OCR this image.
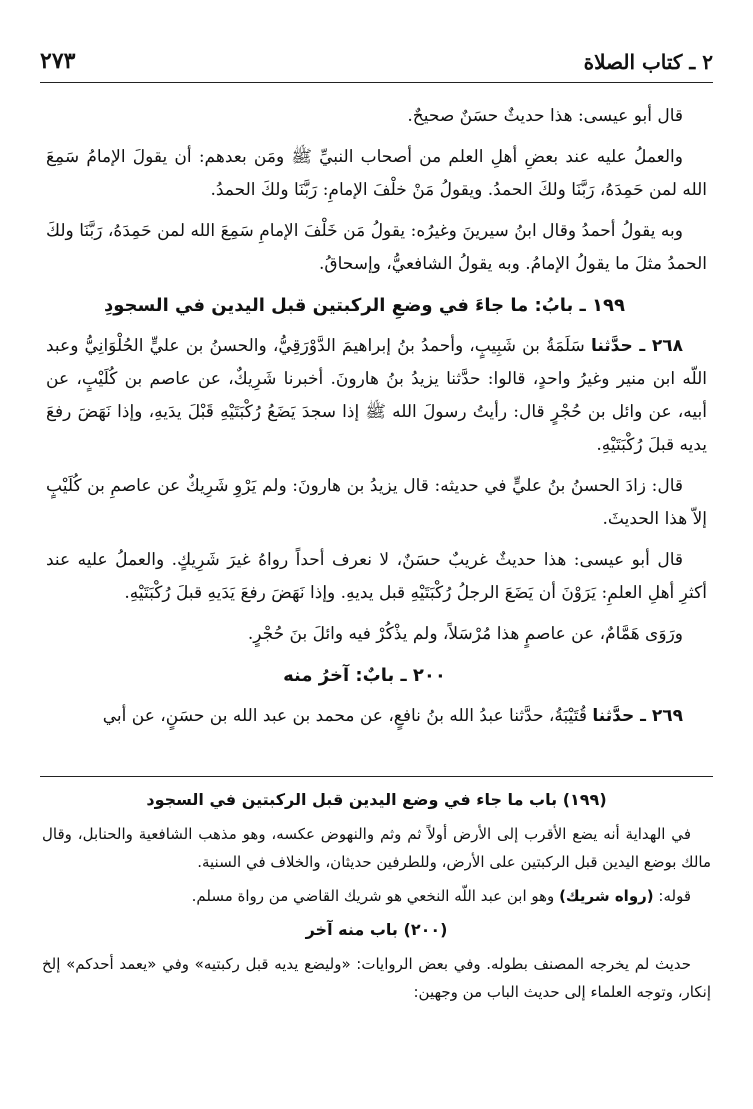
٢ ـ كتاب الصلاة
٢٧٣

قال أبو عيسى: هذا حديثٌ حسَنٌ صحيحٌ.

والعملُ عليه عند بعضِ أهلِ العلم من أصحاب النبيِّ ﷺ ومَن بعدهم: أن يقولَ الإمامُ سَمِعَ الله لمن حَمِدَهُ، رَبَّنَا ولكَ الحمدُ. ويقولُ مَنْ خلْفَ الإمامِ: رَبَّنَا ولكَ الحمدُ.

وبه يقولُ أحمدُ وقال ابنُ سيرينَ وغيرُه: يقولُ مَن خَلْفَ الإمامِ سَمِعَ الله لمن حَمِدَهُ، رَبَّنَا ولكَ الحمدُ مثلَ ما يقولُ الإمامُ. وبه يقولُ الشافعيُّ، وإسحاقُ.

١٩٩ ـ بابُ: ما جاءَ في وضعِ الركبتين قبل اليدين في السجودِ

٢٦٨ ـ حدَّثنا سَلَمَةُ بن شَبِيبٍ، وأحمدُ بنُ إبراهيمَ الدَّوْرَقِيُّ، والحسنُ بن عليٍّ الحُلْوَانِيُّ وعبد اللّه ابن منير وغيرُ واحدٍ، قالوا: حدَّثنا يزيدُ بنُ هارونَ. أخبرنا شَرِيكٌ، عن عاصم بن كُلَيْبٍ، عن أبيه، عن وائل بن حُجْرٍ قال: رأيتُ رسولَ الله ﷺ إذا سجدَ يَضَعُ رُكْبَتَيْهِ قَبْلَ يدَيهِ، وإذا نَهَضَ رفعَ يديه قبلَ رُكْبَتَيْهِ.

قال: زادَ الحسنُ بنُ عليٍّ في حديثه: قال يزيدُ بن هارونَ: ولم يَرْوِ شَرِيكٌ عن عاصمِ بن كُلَيْبٍ إلاّ هذا الحديثَ.

قال أبو عيسى: هذا حديثٌ غريبٌ حسَنٌ، لا نعرف أحداً رواهُ غيرَ شَرِيكٍ. والعملُ عليه عند أكثرِ أهلِ العلمِ: يَرَوْنَ أن يَضَعَ الرجلُ رُكْبَتَيْهِ قبل يديهِ. وإذا نَهَضَ رفعَ يَدَيهِ قبلَ رُكْبَتَيْهِ.

ورَوَى هَمَّامٌ، عن عاصمٍ هذا مُرْسَلاً، ولم يذْكُرْ فيه وائلَ بنَ حُجْرٍ.

٢٠٠ ـ بابٌ: آخرُ منه

٢٦٩ ـ حدَّثنا قُتَيْبَةُ، حدَّثنا عبدُ الله بنُ نافعٍ، عن محمد بن عبد الله بن حسَنٍ، عن أبي

(١٩٩) باب ما جاء في وضع اليدين قبل الركبتين في السجود

في الهداية أنه يضع الأقرب إلى الأرض أولاً ثم وثم والنهوض عكسه، وهو مذهب الشافعية والحنابل، وقال مالك بوضع اليدين قبل الركبتين على الأرض، وللطرفين حديثان، والخلاف في السنية.

قوله: (رواه شريك) وهو ابن عبد اللّه النخعي هو شريك القاضي من رواة مسلم.

(٢٠٠) باب منه آخر

حديث لم يخرجه المصنف بطوله. وفي بعض الروايات: «وليضع يديه قبل ركبتيه» وفي «يعمد أحدكم» إلخ إنكار، وتوجه العلماء إلى حديث الباب من وجهين:
